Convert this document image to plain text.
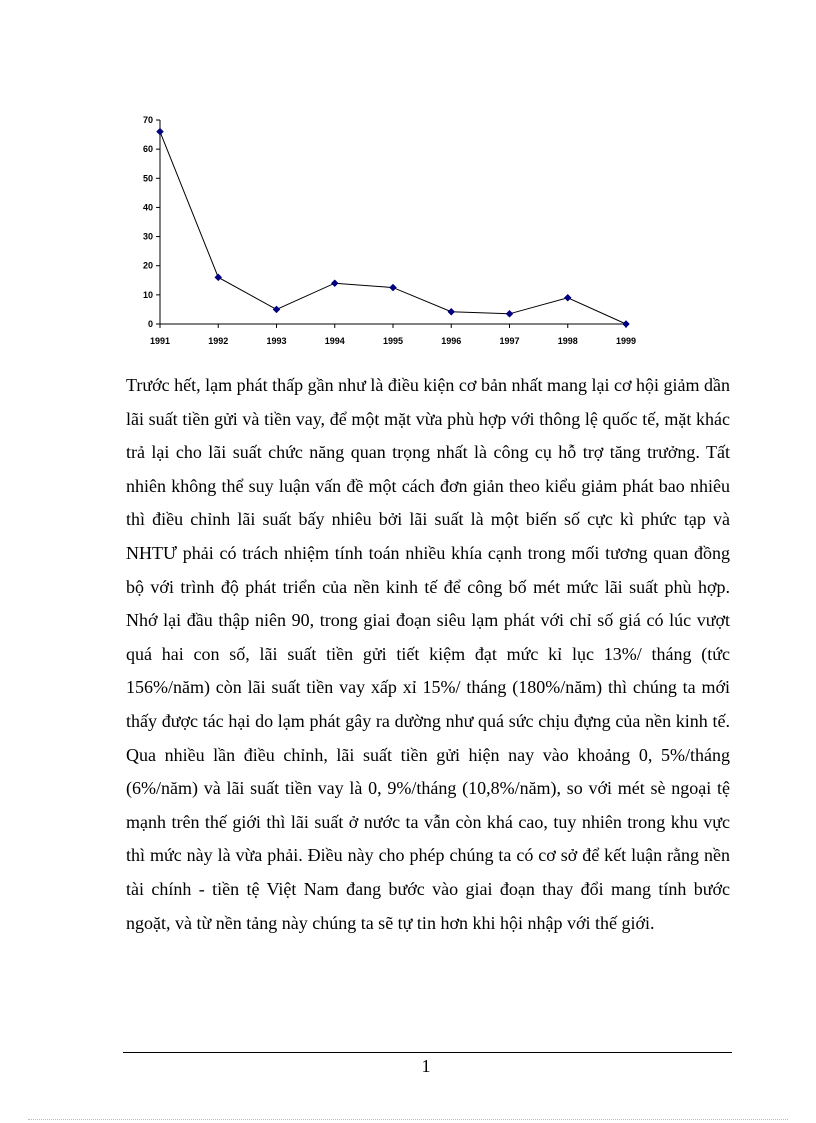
0
10
20
30
40
50
60
70
1991	1992	1993	1994	1995	1996	1997	1998	1999

Trước hết, lạm phát thấp gần như là điều kiện cơ bản nhất mang lại cơ hội giảm dần lãi suất tiền gửi và tiền vay, để một mặt vừa phù hợp với thông lệ quốc tế, mặt khác trả lại cho lãi suất chức năng quan trọng nhất là công cụ hỗ trợ tăng trưởng. Tất nhiên không thể suy luận vấn đề một cách đơn giản theo kiểu giảm phát bao nhiêu thì điều chỉnh lãi suất bấy nhiêu bởi lãi suất là một biến số cực kì phức tạp và NHTƯ phải có trách nhiệm tính toán nhiều khía cạnh trong mối tương quan đồng bộ với trình độ phát triển của nền kinh tế để công bố mét mức lãi suất phù hợp. Nhớ lại đầu thập niên 90, trong giai đoạn siêu lạm phát với chỉ số giá có lúc vượt quá hai con số, lãi suất tiền gửi tiết kiệm đạt mức kỉ lục 13%/ tháng (tức 156%/năm) còn lãi suất tiền vay xấp xỉ 15%/ tháng (180%/năm) thì chúng ta mới thấy được tác hại do lạm phát gây ra dường như quá sức chịu đựng của nền kinh tế. Qua nhiều lần điều chỉnh, lãi suất tiền gửi hiện nay vào khoảng 0, 5%/tháng (6%/năm) và lãi suất tiền vay là 0, 9%/tháng (10,8%/năm), so với mét sè ngoại tệ mạnh trên thế giới thì lãi suất ở nước ta vẫn còn khá cao, tuy nhiên trong khu vực thì mức này là vừa phải. Điều này cho phép chúng ta có cơ sở để kết luận rằng nền tài chính - tiền tệ Việt Nam đang bước vào giai đoạn thay đổi mang tính bước ngoặt, và từ nền tảng này chúng ta sẽ tự tin hơn khi hội nhập với thế giới.

1
